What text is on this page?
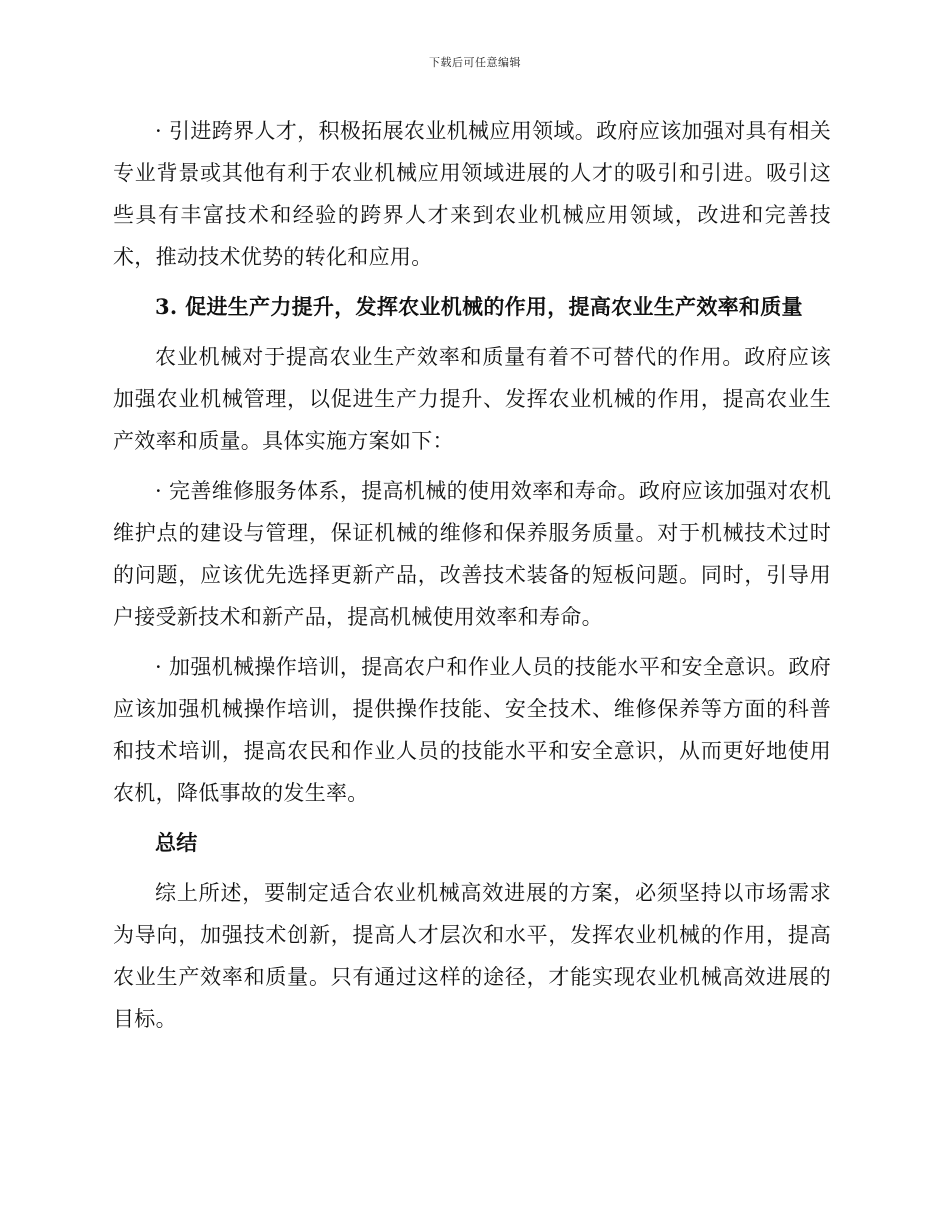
下载后可任意编辑

· 引进跨界人才，积极拓展农业机械应用领域。政府应该加强对具有相关专业背景或其他有利于农业机械应用领域进展的人才的吸引和引进。吸引这些具有丰富技术和经验的跨界人才来到农业机械应用领域，改进和完善技术，推动技术优势的转化和应用。

3. 促进生产力提升，发挥农业机械的作用，提高农业生产效率和质量

农业机械对于提高农业生产效率和质量有着不可替代的作用。政府应该加强农业机械管理，以促进生产力提升、发挥农业机械的作用，提高农业生产效率和质量。具体实施方案如下：

· 完善维修服务体系，提高机械的使用效率和寿命。政府应该加强对农机维护点的建设与管理，保证机械的维修和保养服务质量。对于机械技术过时的问题，应该优先选择更新产品，改善技术装备的短板问题。同时，引导用户接受新技术和新产品，提高机械使用效率和寿命。

· 加强机械操作培训，提高农户和作业人员的技能水平和安全意识。政府应该加强机械操作培训，提供操作技能、安全技术、维修保养等方面的科普和技术培训，提高农民和作业人员的技能水平和安全意识，从而更好地使用农机，降低事故的发生率。

总结

综上所述，要制定适合农业机械高效进展的方案，必须坚持以市场需求为导向，加强技术创新，提高人才层次和水平，发挥农业机械的作用，提高农业生产效率和质量。只有通过这样的途径，才能实现农业机械高效进展的目标。
